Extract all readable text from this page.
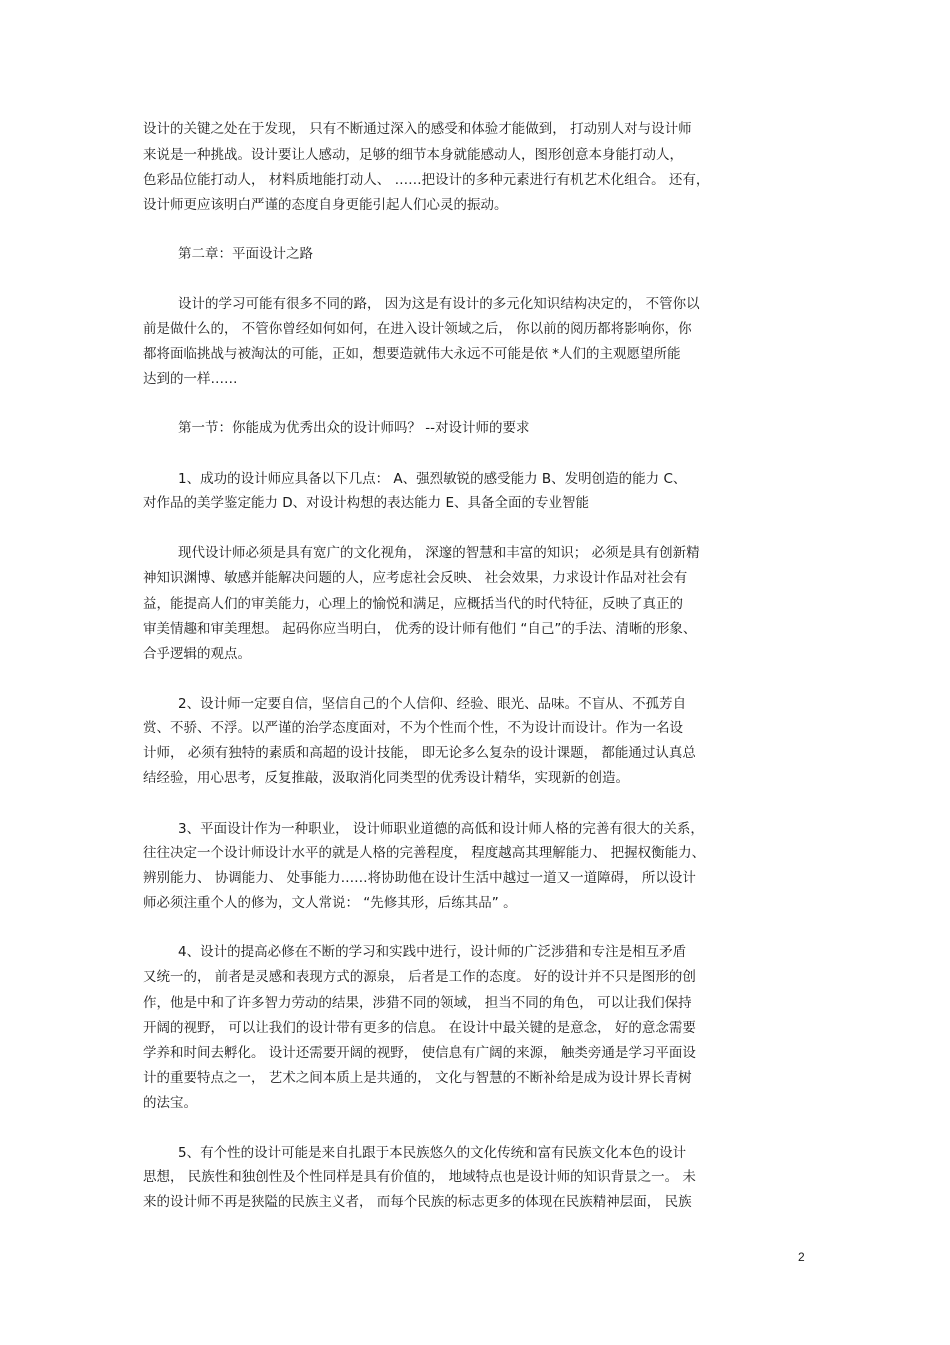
设计的关键之处在于发现， 只有不断通过深入的感受和体验才能做到， 打动别人对与设计师
来说是一种挑战。设计要让人感动，足够的细节本身就能感动人，图形创意本身能打动人，
色彩品位能打动人， 材料质地能打动人、 ……把设计的多种元素进行有机艺术化组合。 还有，
设计师更应该明白严谨的态度自身更能引起人们心灵的振动。
第二章：平面设计之路
设计的学习可能有很多不同的路， 因为这是有设计的多元化知识结构决定的， 不管你以
前是做什么的， 不管你曾经如何如何，在进入设计领域之后， 你以前的阅历都将影响你，你
都将面临挑战与被淘汰的可能，正如，想要造就伟大永远不可能是依 *人们的主观愿望所能
达到的一样……
第一节：你能成为优秀出众的设计师吗？ --对设计师的要求
1、成功的设计师应具备以下几点： A、强烈敏锐的感受能力 B、发明创造的能力 C、
对作品的美学鉴定能力 D、对设计构想的表达能力 E、具备全面的专业智能
现代设计师必须是具有宽广的文化视角， 深邃的智慧和丰富的知识； 必须是具有创新精
神知识渊博、敏感并能解决问题的人，应考虑社会反映、 社会效果，力求设计作品对社会有
益，能提高人们的审美能力，心理上的愉悦和满足，应概括当代的时代特征，反映了真正的
审美情趣和审美理想。 起码你应当明白， 优秀的设计师有他们 “自己”的手法、清晰的形象、
合乎逻辑的观点。
2、设计师一定要自信，坚信自己的个人信仰、经验、眼光、品味。不盲从、不孤芳自
赏、不骄、不浮。以严谨的治学态度面对，不为个性而个性，不为设计而设计。作为一名设
计师， 必须有独特的素质和高超的设计技能， 即无论多么复杂的设计课题， 都能通过认真总
结经验，用心思考，反复推敲，汲取消化同类型的优秀设计精华，实现新的创造。
3、平面设计作为一种职业， 设计师职业道德的高低和设计师人格的完善有很大的关系，
往往决定一个设计师设计水平的就是人格的完善程度， 程度越高其理解能力、 把握权衡能力、
辨别能力、 协调能力、 处事能力……将协助他在设计生活中越过一道又一道障碍， 所以设计
师必须注重个人的修为，文人常说： “先修其形，后练其品” 。
4、设计的提高必修在不断的学习和实践中进行，设计师的广泛涉猎和专注是相互矛盾
又统一的， 前者是灵感和表现方式的源泉， 后者是工作的态度。 好的设计并不只是图形的创
作，他是中和了许多智力劳动的结果，涉猎不同的领域， 担当不同的角色， 可以让我们保持
开阔的视野， 可以让我们的设计带有更多的信息。 在设计中最关键的是意念， 好的意念需要
学养和时间去孵化。 设计还需要开阔的视野， 使信息有广阔的来源， 触类旁通是学习平面设
计的重要特点之一， 艺术之间本质上是共通的， 文化与智慧的不断补给是成为设计界长青树
的法宝。
5、有个性的设计可能是来自扎跟于本民族悠久的文化传统和富有民族文化本色的设计
思想， 民族性和独创性及个性同样是具有价值的， 地域特点也是设计师的知识背景之一。 未
来的设计师不再是狭隘的民族主义者， 而每个民族的标志更多的体现在民族精神层面， 民族
2
